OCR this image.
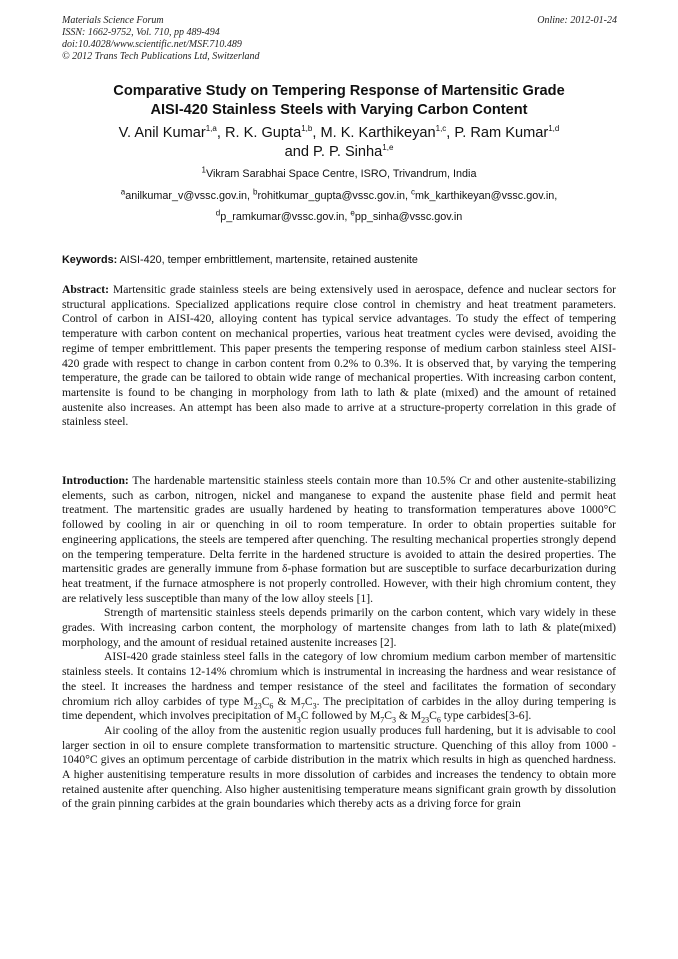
Materials Science Forum
ISSN: 1662-9752, Vol. 710, pp 489-494
doi:10.4028/www.scientific.net/MSF.710.489
© 2012 Trans Tech Publications Ltd, Switzerland
Online: 2012-01-24
Comparative Study on Tempering Response of Martensitic Grade
AISI-420 Stainless Steels with Varying Carbon Content
V. Anil Kumar$^{1,a}$, R. K. Gupta$^{1,b}$, M. K. Karthikeyan$^{1,c}$, P. Ram Kumar$^{1,d}$
and P. P. Sinha$^{1,e}$
$^1$Vikram Sarabhai Space Centre, ISRO, Trivandrum, India
$^a$anilkumar_v@vssc.gov.in, $^b$rohitkumar_gupta@vssc.gov.in, $^c$mk_karthikeyan@vssc.gov.in,
$^d$p_ramkumar@vssc.gov.in, $^e$pp_sinha@vssc.gov.in
Keywords: AISI-420, temper embrittlement, martensite, retained austenite

Abstract: Martensitic grade stainless steels are being extensively used in aerospace, defence and nuclear sectors for structural applications. Specialized applications require close control in chemistry and heat treatment parameters. Control of carbon in AISI-420, alloying content has typical service advantages. To study the effect of tempering temperature with carbon content on mechanical properties, various heat treatment cycles were devised, avoiding the regime of temper embrittlement. This paper presents the tempering response of medium carbon stainless steel AISI-420 grade with respect to change in carbon content from 0.2% to 0.3%. It is observed that, by varying the tempering temperature, the grade can be tailored to obtain wide range of mechanical properties. With increasing carbon content, martensite is found to be changing in morphology from lath to lath & plate (mixed) and the amount of retained austenite also increases. An attempt has been also made to arrive at a structure-property correlation in this grade of stainless steel.

Introduction: The hardenable martensitic stainless steels contain more than 10.5% Cr and other austenite-stabilizing elements, such as carbon, nitrogen, nickel and manganese to expand the austenite phase field and permit heat treatment. The martensitic grades are usually hardened by heating to transformation temperatures above 1000°C followed by cooling in air or quenching in oil to room temperature. In order to obtain properties suitable for engineering applications, the steels are tempered after quenching. The resulting mechanical properties strongly depend on the tempering temperature. Delta ferrite in the hardened structure is avoided to attain the desired properties. The martensitic grades are generally immune from δ-phase formation but are susceptible to surface decarburization during heat treatment, if the furnace atmosphere is not properly controlled. However, with their high chromium content, they are relatively less susceptible than many of the low alloy steels [1].

Strength of martensitic stainless steels depends primarily on the carbon content, which vary widely in these grades. With increasing carbon content, the morphology of martensite changes from lath to lath & plate(mixed) morphology, and the amount of residual retained austenite increases [2].

AISI-420 grade stainless steel falls in the category of low chromium medium carbon member of martensitic stainless steels. It contains 12-14% chromium which is instrumental in increasing the hardness and wear resistance of the steel. It increases the hardness and temper resistance of the steel and facilitates the formation of secondary chromium rich alloy carbides of type $M_{23}C_6$ & $M_7C_3$. The precipitation of carbides in the alloy during tempering is time dependent, which involves precipitation of $M_3C$ followed by $M_7C_3$ & $M_{23}C_6$ type carbides[3-6].

Air cooling of the alloy from the austenitic region usually produces full hardening, but it is advisable to cool larger section in oil to ensure complete transformation to martensitic structure. Quenching of this alloy from 1000 - 1040°C gives an optimum percentage of carbide distribution in the matrix which results in high as quenched hardness. A higher austenitising temperature results in more dissolution of carbides and increases the tendency to obtain more retained austenite after quenching. Also higher austenitising temperature means significant grain growth by dissolution of the grain pinning carbides at the grain boundaries which thereby acts as a driving force for grain
